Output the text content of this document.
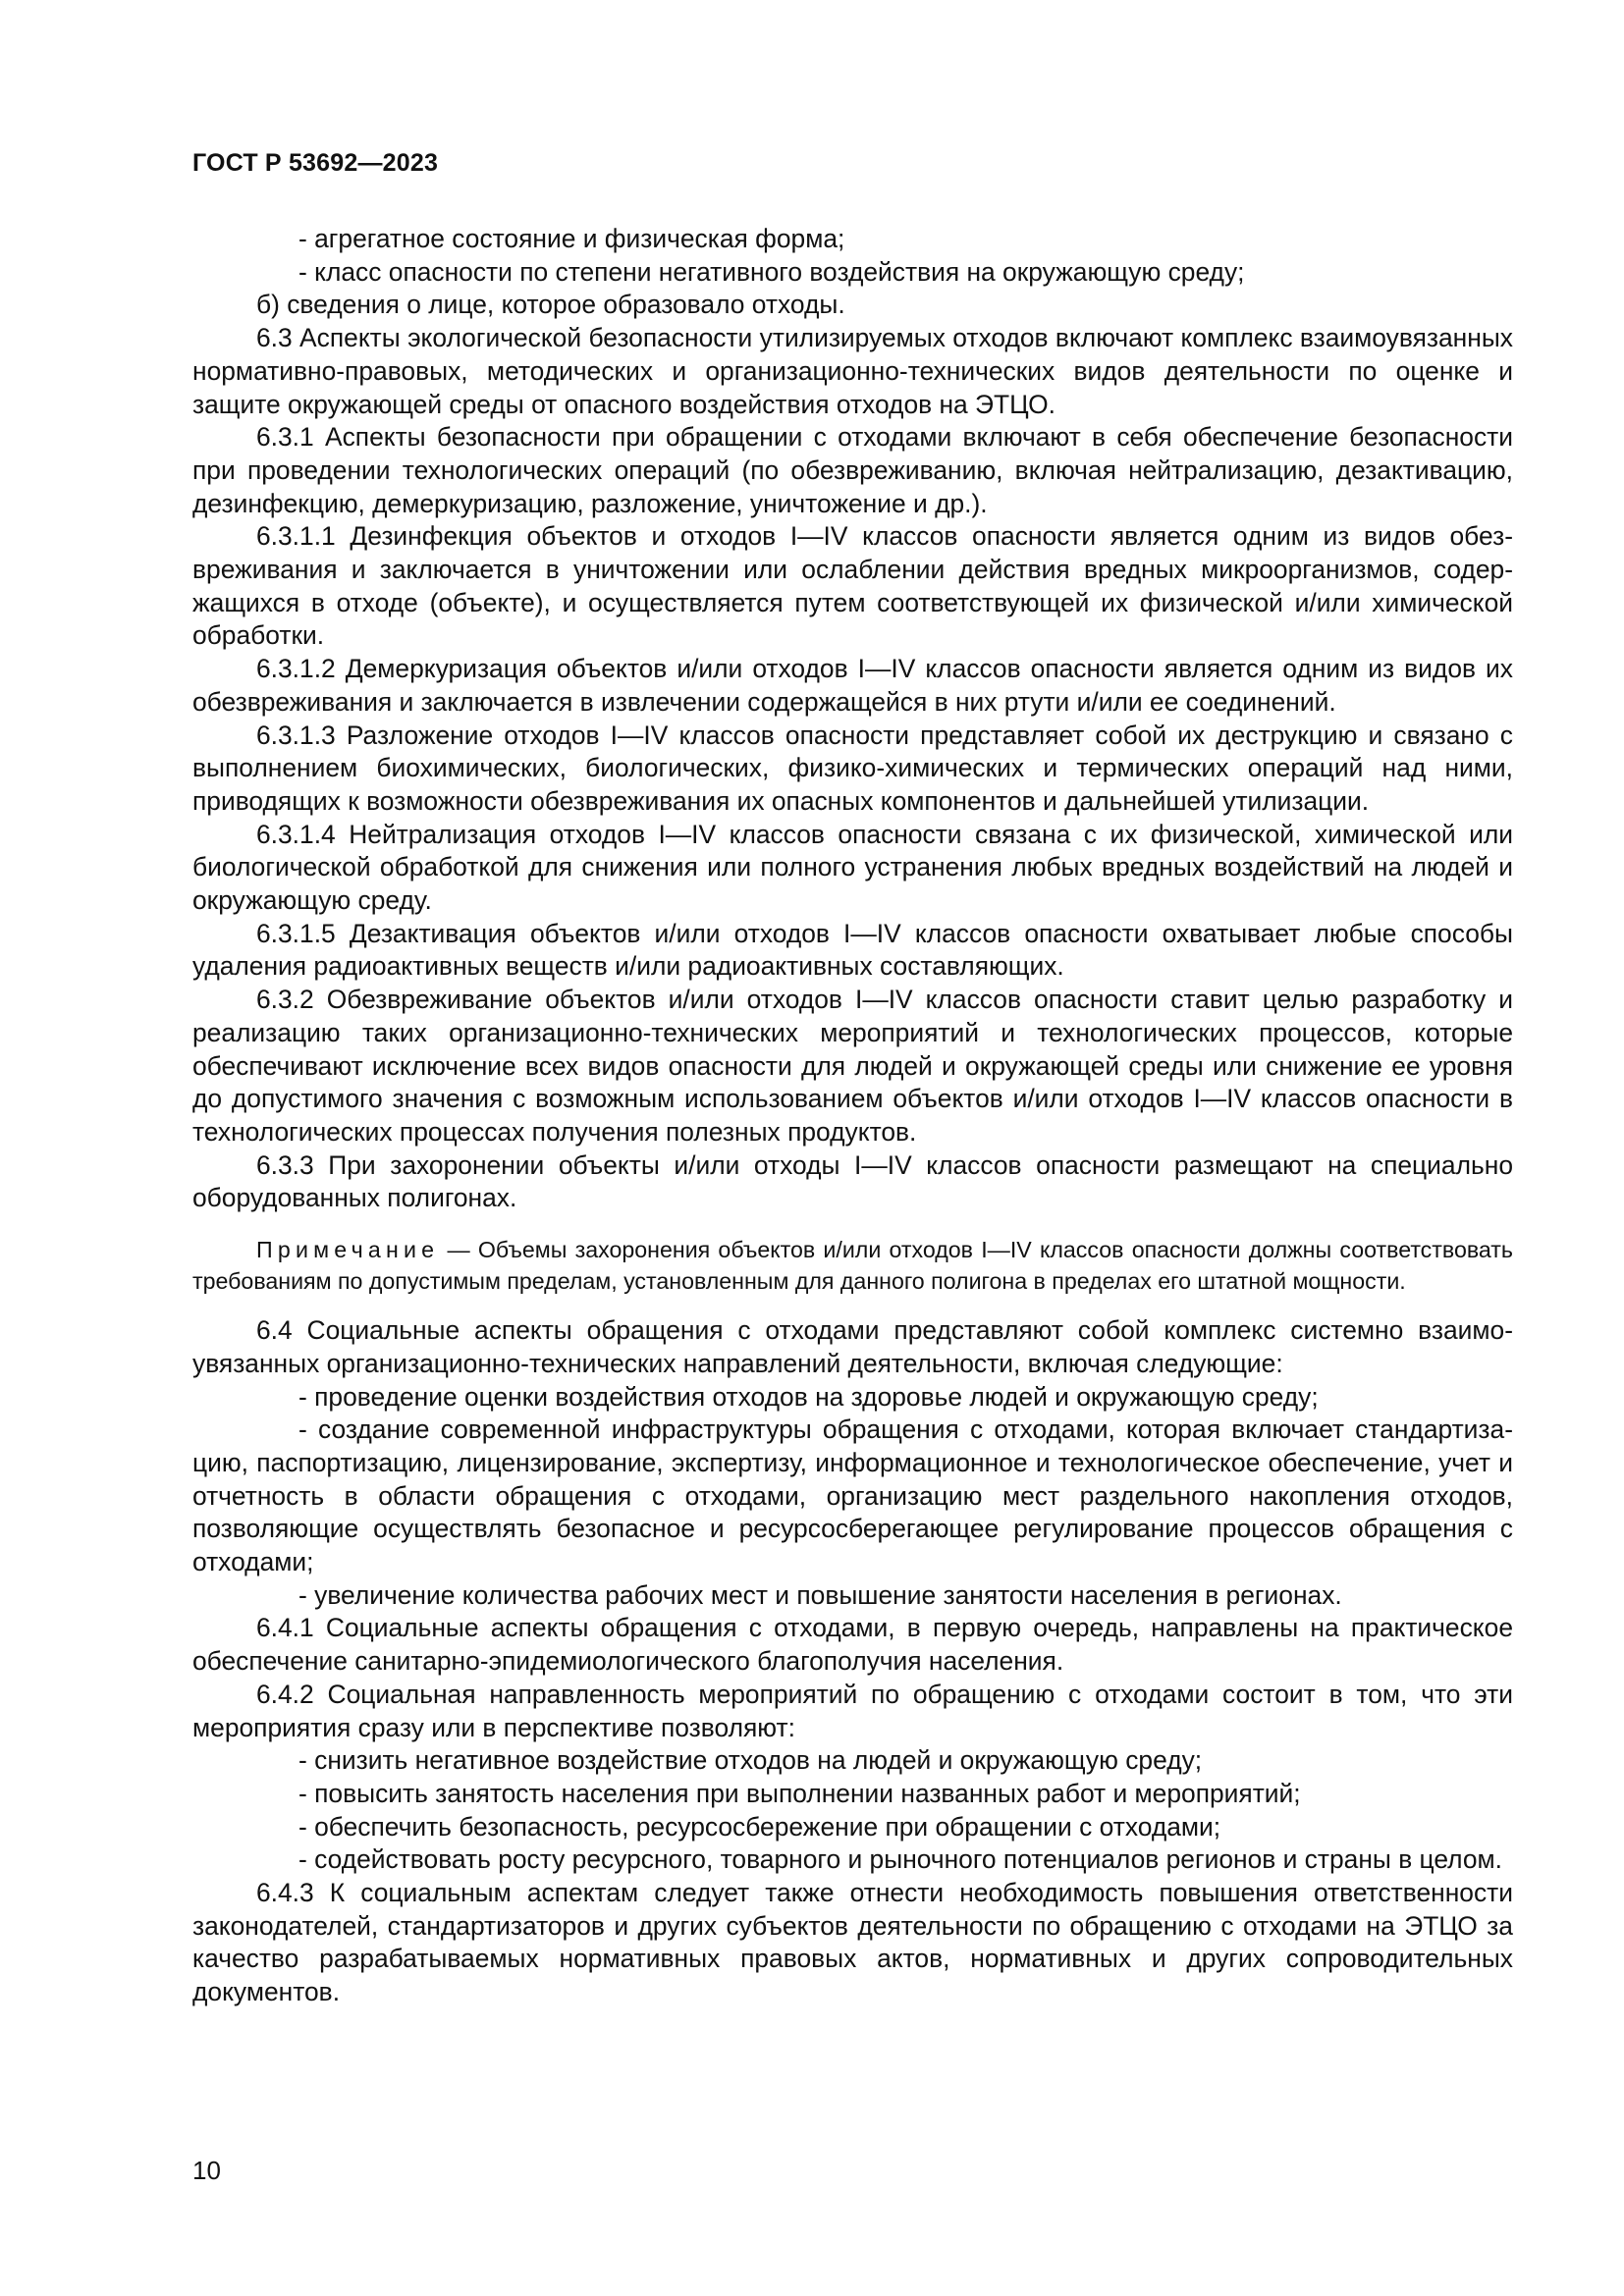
ГОСТ Р 53692—2023

- агрегатное состояние и физическая форма;

- класс опасности по степени негативного воздействия на окружающую среду;

б) сведения о лице, которое образовало отходы.

6.3 Аспекты экологической безопасности утилизируемых отходов включают комплекс взаимоувязанных нормативно-правовых, методических и организационно-технических видов деятельности по оценке и защите окружающей среды от опасного воздействия отходов на ЭТЦО.

6.3.1 Аспекты безопасности при обращении с отходами включают в себя обеспечение безопасности при проведении технологических операций (по обезвреживанию, включая нейтрализацию, дезактивацию, дезинфекцию, демеркуризацию, разложение, уничтожение и др.).

6.3.1.1 Дезинфекция объектов и отходов I—IV классов опасности является одним из видов обезвреживания и заключается в уничтожении или ослаблении действия вредных микроорганизмов, содержащихся в отходе (объекте), и осуществляется путем соответствующей их физической и/или химической обработки.

6.3.1.2 Демеркуризация объектов и/или отходов I—IV классов опасности является одним из видов их обезвреживания и заключается в извлечении содержащейся в них ртути и/или ее соединений.

6.3.1.3 Разложение отходов I—IV классов опасности представляет собой их деструкцию и связано с выполнением биохимических, биологических, физико-химических и термических операций над ними, приводящих к возможности обезвреживания их опасных компонентов и дальнейшей утилизации.

6.3.1.4 Нейтрализация отходов I—IV классов опасности связана с их физической, химической или биологической обработкой для снижения или полного устранения любых вредных воздействий на людей и окружающую среду.

6.3.1.5 Дезактивация объектов и/или отходов I—IV классов опасности охватывает любые способы удаления радиоактивных веществ и/или радиоактивных составляющих.

6.3.2 Обезвреживание объектов и/или отходов I—IV классов опасности ставит целью разработку и реализацию таких организационно-технических мероприятий и технологических процессов, которые обеспечивают исключение всех видов опасности для людей и окружающей среды или снижение ее уровня до допустимого значения с возможным использованием объектов и/или отходов I—IV классов опасности в технологических процессах получения полезных продуктов.

6.3.3 При захоронении объекты и/или отходы I—IV классов опасности размещают на специально оборудованных полигонах.

Примечание — Объемы захоронения объектов и/или отходов I—IV классов опасности должны соответствовать требованиям по допустимым пределам, установленным для данного полигона в пределах его штатной мощности.

6.4 Социальные аспекты обращения с отходами представляют собой комплекс системно взаимоувязанных организационно-технических направлений деятельности, включая следующие:

- проведение оценки воздействия отходов на здоровье людей и окружающую среду;

- создание современной инфраструктуры обращения с отходами, которая включает стандартизацию, паспортизацию, лицензирование, экспертизу, информационное и технологическое обеспечение, учет и отчетность в области обращения с отходами, организацию мест раздельного накопления отходов, позволяющие осуществлять безопасное и ресурсосберегающее регулирование процессов обращения с отходами;

- увеличение количества рабочих мест и повышение занятости населения в регионах.

6.4.1 Социальные аспекты обращения с отходами, в первую очередь, направлены на практическое обеспечение санитарно-эпидемиологического благополучия населения.

6.4.2 Социальная направленность мероприятий по обращению с отходами состоит в том, что эти мероприятия сразу или в перспективе позволяют:

- снизить негативное воздействие отходов на людей и окружающую среду;

- повысить занятость населения при выполнении названных работ и мероприятий;

- обеспечить безопасность, ресурсосбережение при обращении с отходами;

- содействовать росту ресурсного, товарного и рыночного потенциалов регионов и страны в целом.

6.4.3 К социальным аспектам следует также отнести необходимость повышения ответственности законодателей, стандартизаторов и других субъектов деятельности по обращению с отходами на ЭТЦО за качество разрабатываемых нормативных правовых актов, нормативных и других сопроводительных документов.

10
